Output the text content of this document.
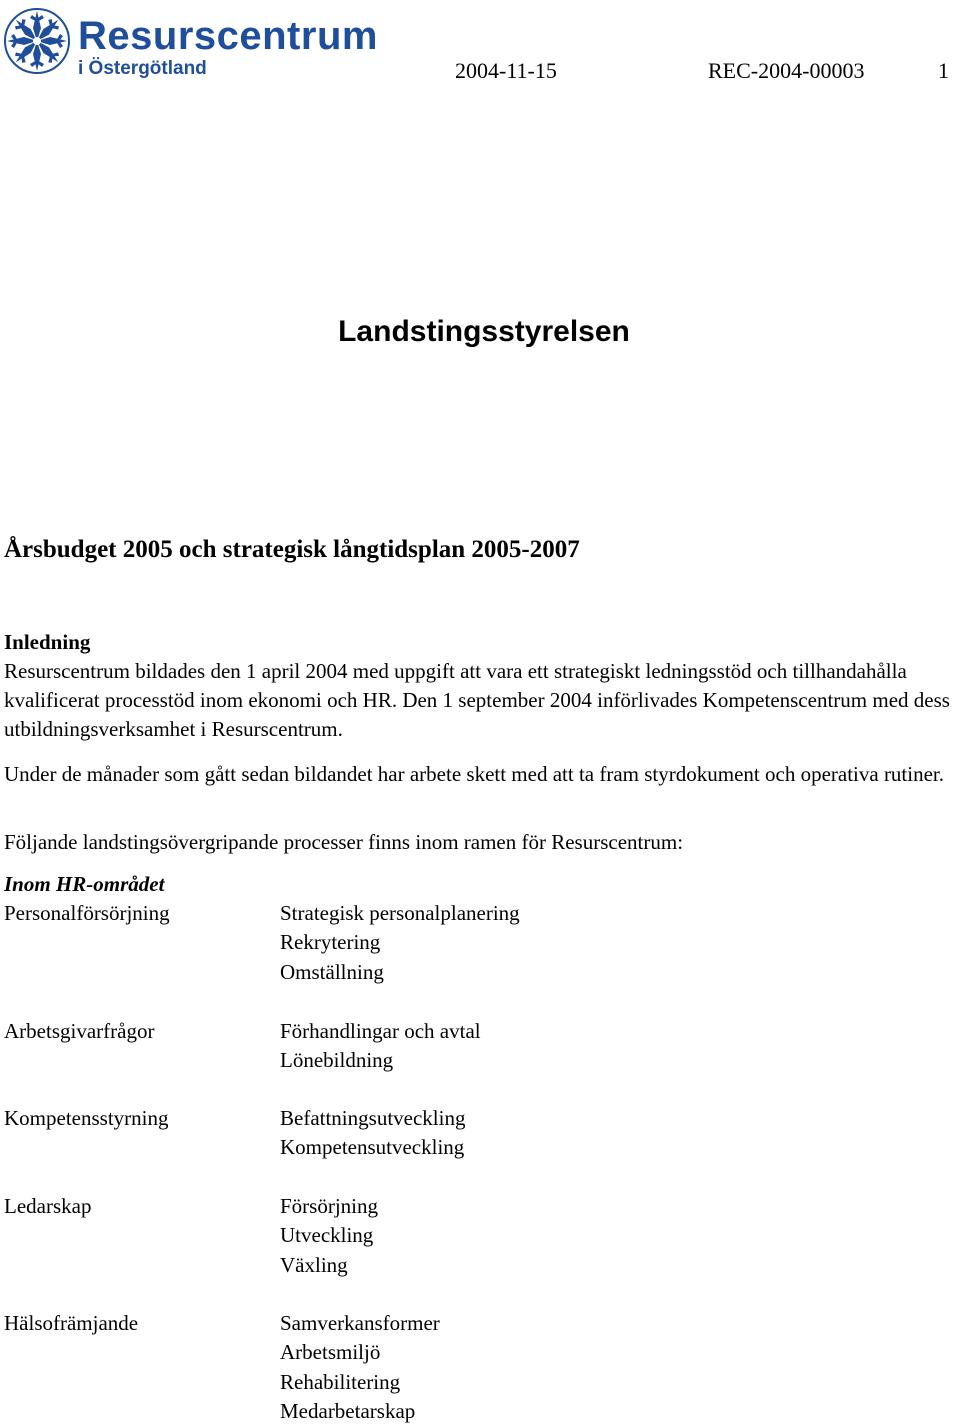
Resurscentrum
i Östergötland	2004-11-15	REC-2004-00003	1
Landstingsstyrelsen
Årsbudget 2005 och strategisk långtidsplan 2005-2007
Inledning
Resurscentrum bildades den 1 april 2004 med uppgift att vara ett strategiskt ledningsstöd och tillhandahålla kvalificerat processtöd inom ekonomi och HR. Den 1 september 2004 införlivades Kompetenscentrum med dess utbildningsverksamhet i Resurscentrum.
Under de månader som gått sedan bildandet har arbete skett med att ta fram styrdokument och operativa rutiner.
Följande landstingsövergripande processer finns inom ramen för Resurscentrum:
Inom HR-området
Personalförsörjning	Strategisk personalplanering
Rekrytering
Omställning
Arbetsgivarfrågor	Förhandlingar och avtal
Lönebildning
Kompetensstyrning	Befattningsutveckling
Kompetensutveckling
Ledarskap	Försörjning
Utveckling
Växling
Hälsofrämjande	Samverkansformer
Arbetsmiljö
Rehabilitering
Medarbetarskap
